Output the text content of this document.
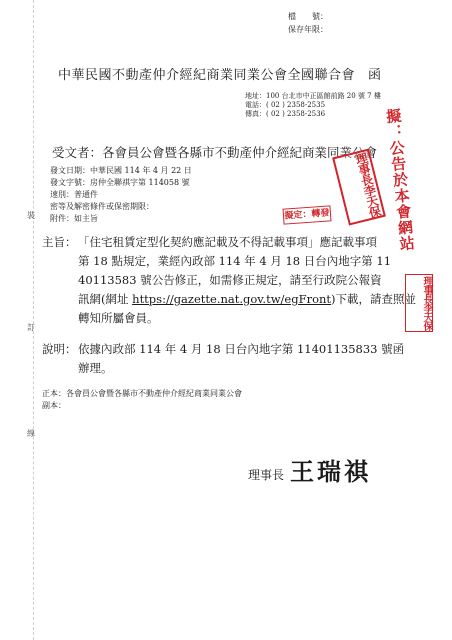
裝
訂
線
檔　　號：
保存年限：
中華民國不動產仲介經紀商業同業公會全國聯合會 函
地址：100 台北市中正區館前路 20 號 7 樓
電話：( 02 ) 2358-2535
傳真：( 02 ) 2358-2536
受文者：各會員公會暨各縣市不動產仲介經紀商業同業公會
發文日期：中華民國 114 年 4 月 22 日
發文字號：房仲全聯祺字第 114058 號
速別：普通件
密等及解密條件或保密期限：
附件：如主旨
主旨： 「住宅租賃定型化契約應記載及不得記載事項」應記載事項
第 18 點規定，業經內政部 114 年 4 月 18 日台內地字第 11
40113583 號公告修正，如需修正規定，請至行政院公報資
訊網(網址 https://gazette.nat.gov.tw/egFront)下載，請查照並
轉知所屬會員。
說明： 依據內政部 114 年 4 月 18 日台內地字第 11401135833 號函
辦理。
正本：各會員公會暨各縣市不動產仲介經紀商業同業公會
副本：
理事長 王瑞祺
擬：公告於本會網站
擬定：轉發	理事長李天保
理事長李天保
